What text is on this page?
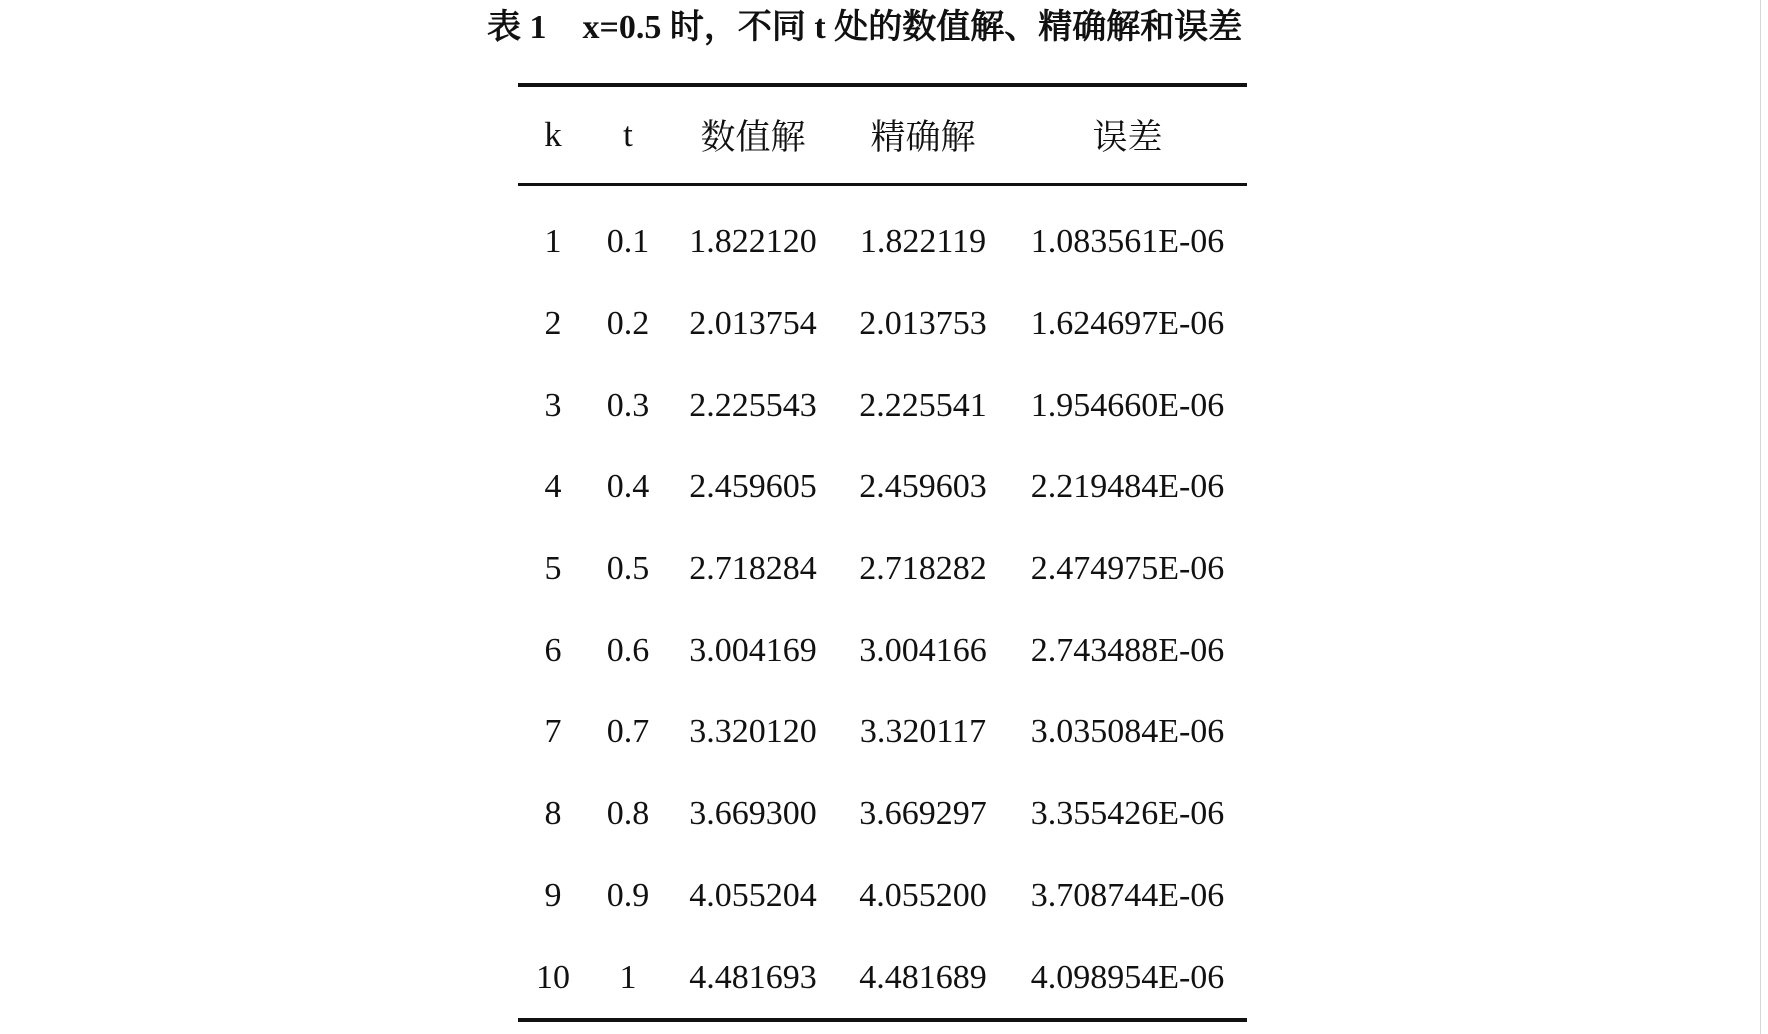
表 1 x=0.5 时，不同 t 处的数值解、精确解和误差
k	t	数值解	精确解	误差
1	0.1	1.822120	1.822119	1.083561E-06
2	0.2	2.013754	2.013753	1.624697E-06
3	0.3	2.225543	2.225541	1.954660E-06
4	0.4	2.459605	2.459603	2.219484E-06
5	0.5	2.718284	2.718282	2.474975E-06
6	0.6	3.004169	3.004166	2.743488E-06
7	0.7	3.320120	3.320117	3.035084E-06
8	0.8	3.669300	3.669297	3.355426E-06
9	0.9	4.055204	4.055200	3.708744E-06
10	1	4.481693	4.481689	4.098954E-06
